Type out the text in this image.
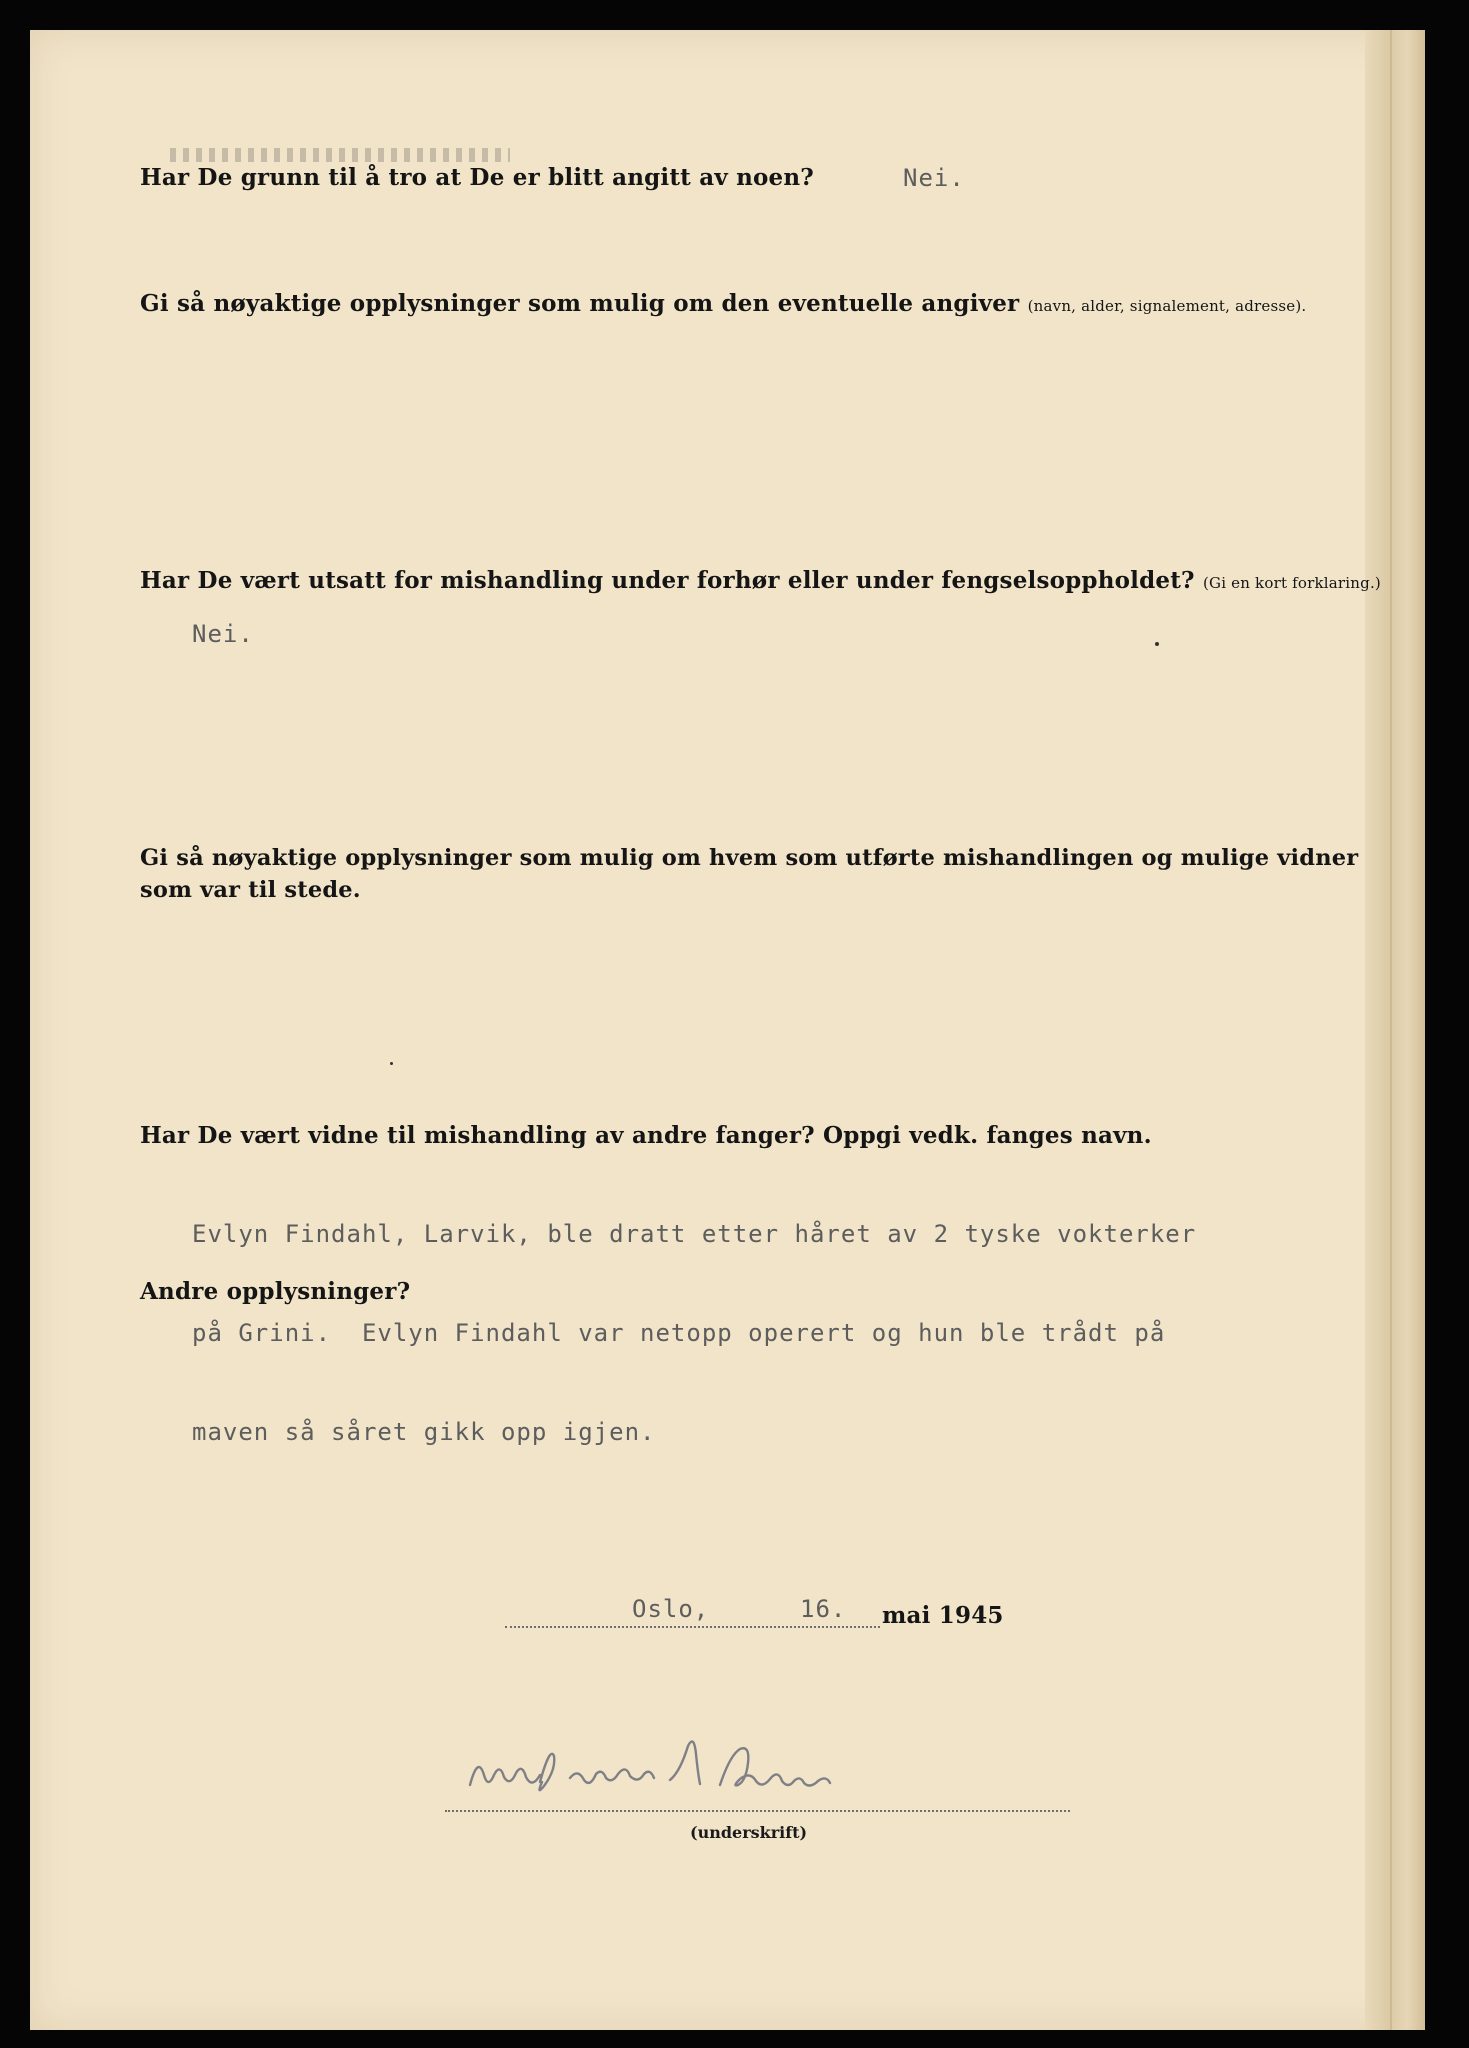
Har De grunn til å tro at De er blitt angitt av noen?	Nei.
Gi så nøyaktige opplysninger som mulig om den eventuelle angiver (navn, alder, signalement, adresse).
Har De vært utsatt for mishandling under forhør eller under fengselsoppholdet? (Gi en kort forklaring.)
Nei.
Gi så nøyaktige opplysninger som mulig om hvem som utførte mishandlingen og mulige vidner
som var til stede.
Har De vært vidne til mishandling av andre fanger? Oppgi vedk. fanges navn.

Evlyn Findahl, Larvik, ble dratt etter håret av 2 tyske vokterker

på Grini.  Evlyn Findahl var netopp operert og hun ble trådt på

maven så såret gikk opp igjen.

Andre opplysninger?
Oslo,	16. mai 1945
(underskrift)
